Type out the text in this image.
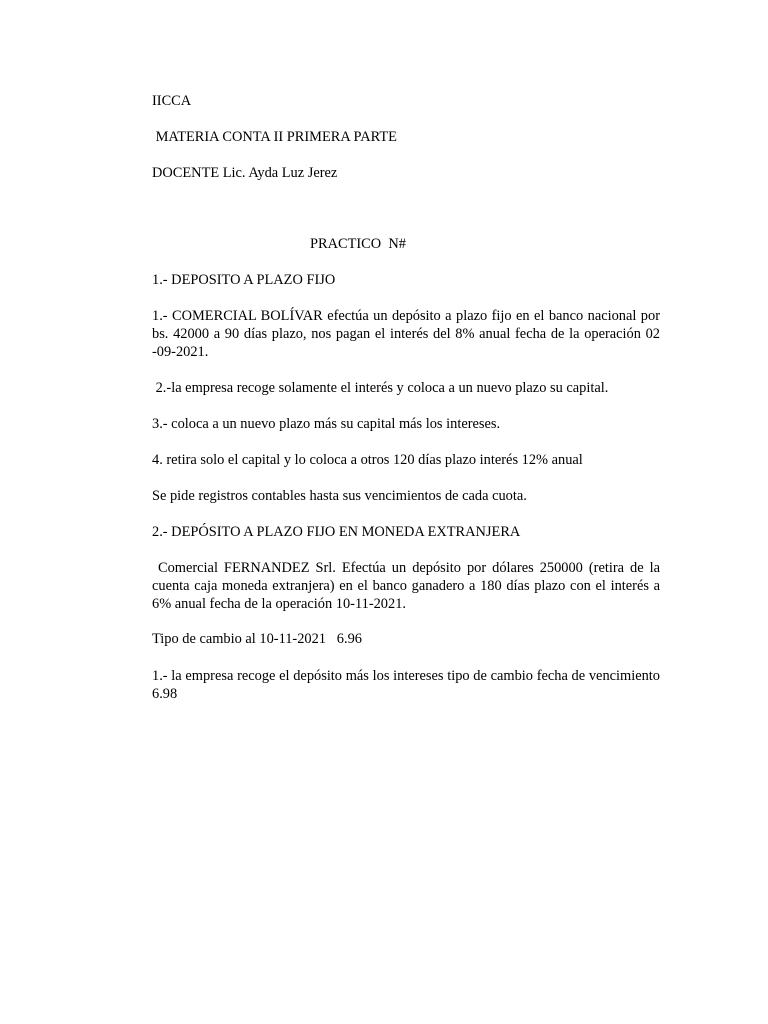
IICCA

MATERIA CONTA II PRIMERA PARTE

DOCENTE Lic. Ayda Luz Jerez

PRACTICO  N#

1.- DEPOSITO A PLAZO FIJO

1.- COMERCIAL BOLÍVAR efectúa un depósito a plazo fijo en el banco nacional por bs. 42000 a 90 días plazo, nos pagan el interés del 8% anual fecha de la operación 02 -09-2021.

2.-la empresa recoge solamente el interés y coloca a un nuevo plazo su capital.

3.- coloca a un nuevo plazo más su capital más los intereses.

4. retira solo el capital y lo coloca a otros 120 días plazo interés 12% anual

Se pide registros contables hasta sus vencimientos de cada cuota.

2.- DEPÓSITO A PLAZO FIJO EN MONEDA EXTRANJERA

Comercial FERNANDEZ Srl. Efectúa un depósito por dólares 250000 (retira de la cuenta caja moneda extranjera) en el banco ganadero a 180 días plazo con el interés a 6% anual fecha de la operación 10-11-2021.

Tipo de cambio al 10-11-2021   6.96

1.- la empresa recoge el depósito más los intereses tipo de cambio fecha de vencimiento 6.98
